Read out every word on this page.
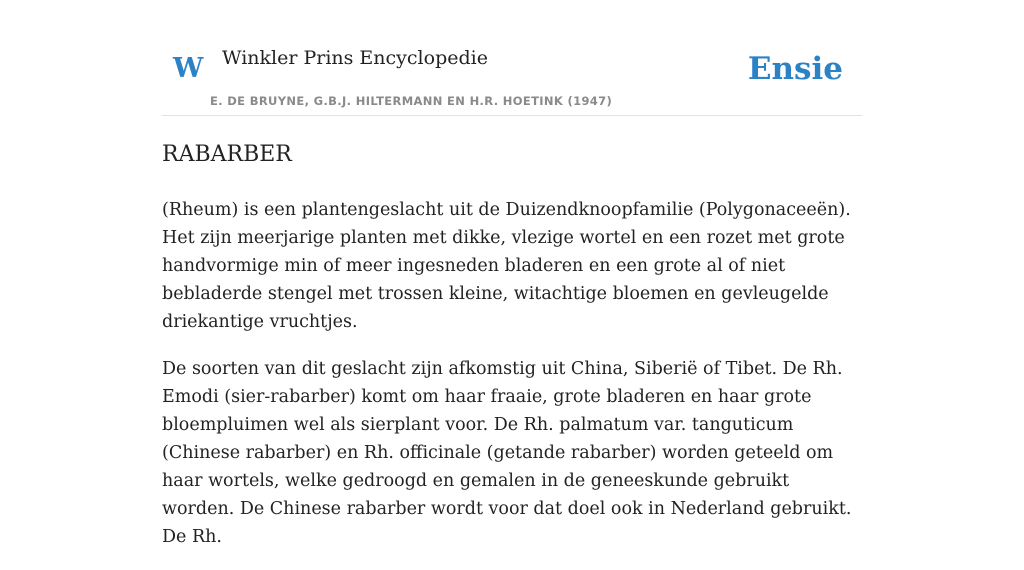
W Winkler Prins Encyclopedie
E. DE BRUYNE, G.B.J. HILTERMANN EN H.R. HOETINK (1947)
Ensie
RABARBER

(Rheum) is een plantengeslacht uit de Duizendknoopfamilie (Polygonaceeën). Het zijn meerjarige planten met dikke, vlezige wortel en een rozet met grote handvormige min of meer ingesneden bladeren en een grote al of niet bebladerde stengel met trossen kleine, witachtige bloemen en gevleugelde driekantige vruchtjes.

De soorten van dit geslacht zijn afkomstig uit China, Siberië of Tibet. De Rh. Emodi (sier-rabarber) komt om haar fraaie, grote bladeren en haar grote bloempluimen wel als sierplant voor. De Rh. palmatum var. tanguticum (Chinese rabarber) en Rh. officinale (getande rabarber) worden geteeld om haar wortels, welke gedroogd en gemalen in de geneeskunde gebruikt worden. De Chinese rabarber wordt voor dat doel ook in Nederland gebruikt. De Rh.
